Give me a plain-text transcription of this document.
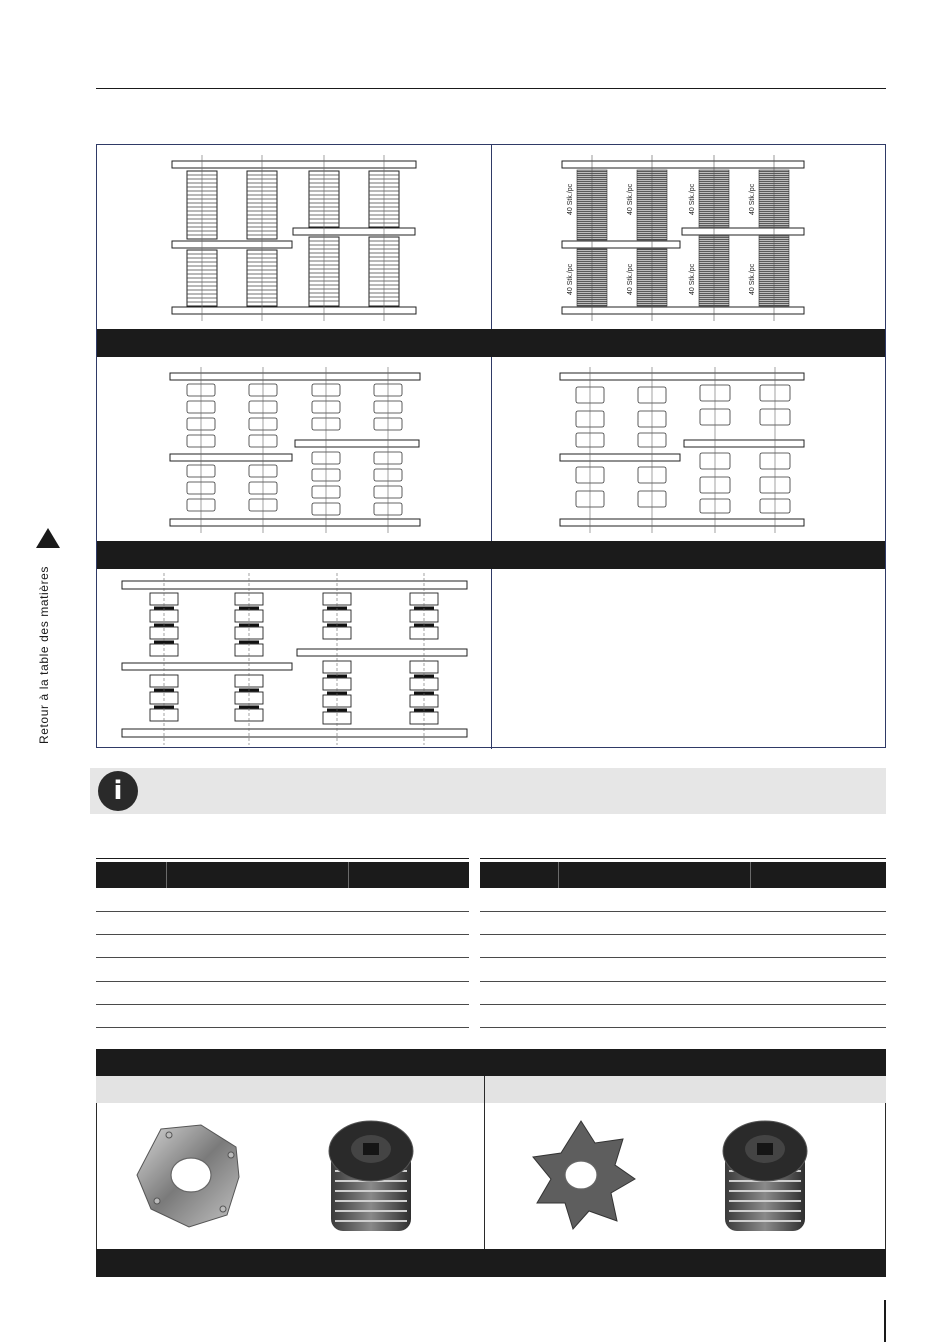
Retour à la table des matières
40 Stk./pc	40 Stk./pc	40 Stk./pc	40 Stk./pc
40 Stk./pc	40 Stk./pc	40 Stk./pc	40 Stk./pc
i
